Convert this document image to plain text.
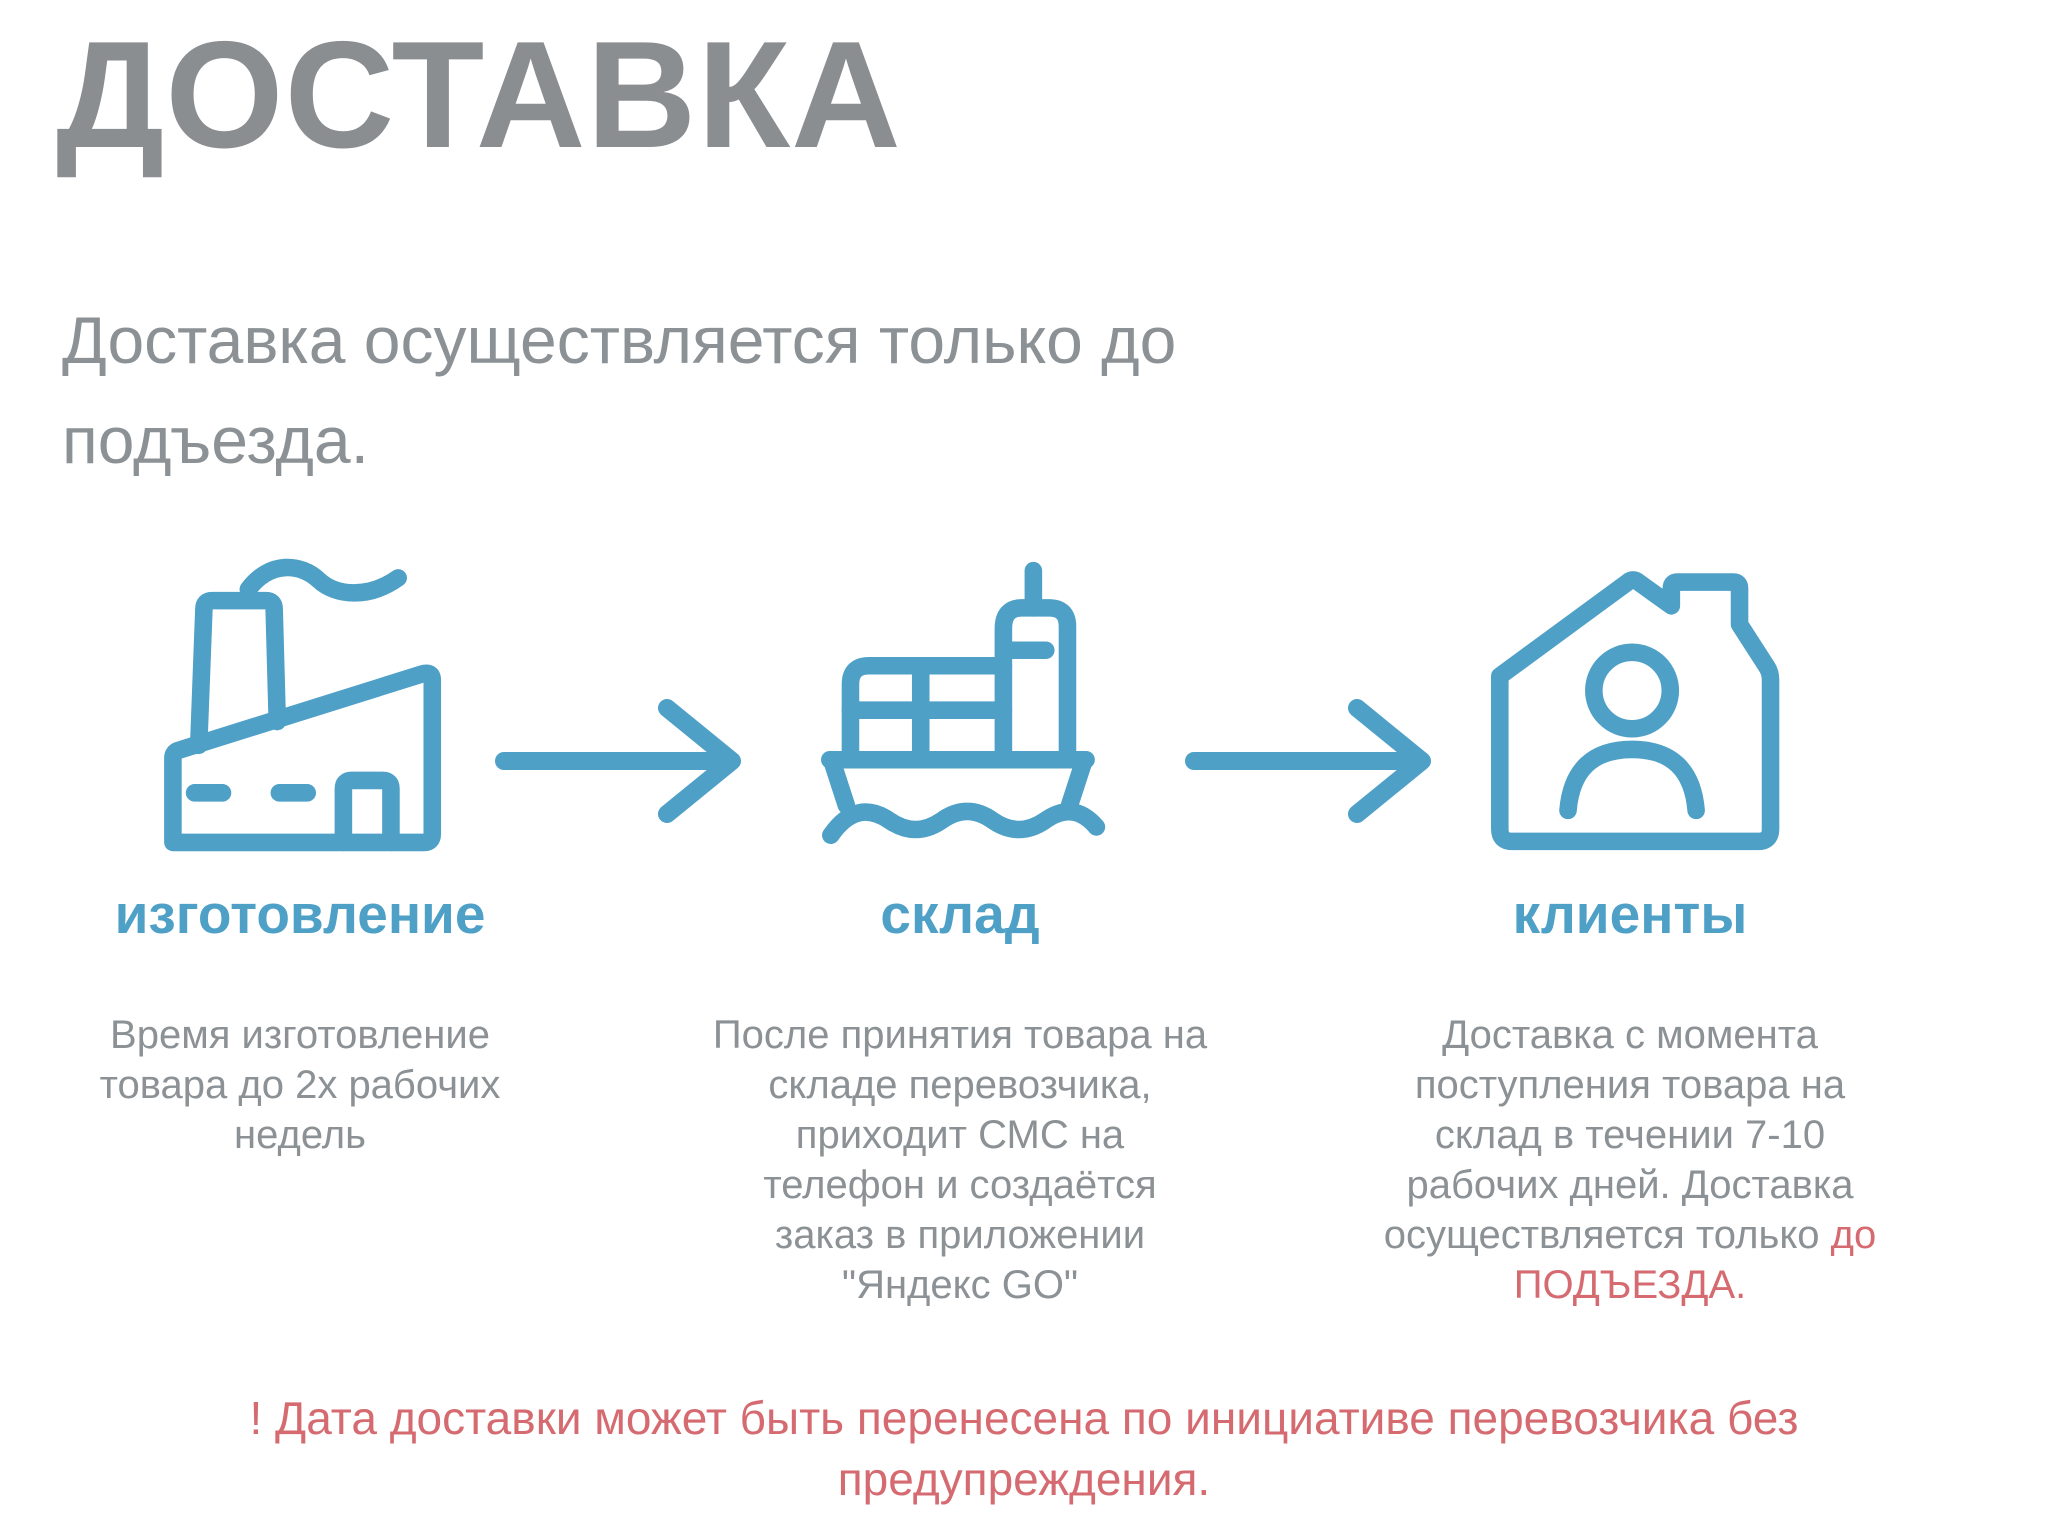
ДОСТАВКА
Доставка осуществляется только до подъезда.
изготовление
Время изготовление товара до 2х рабочих недель
склад
После принятия товара на складе перевозчика, приходит СМС на телефон и создаётся заказ в приложении "Яндекс GO"
клиенты
Доставка с момента поступления товара на склад в течении 7-10 рабочих дней. Доставка осуществляется только до ПОДЪЕЗДА.
! Дата доставки может быть перенесена по инициативе перевозчика без предупреждения.
